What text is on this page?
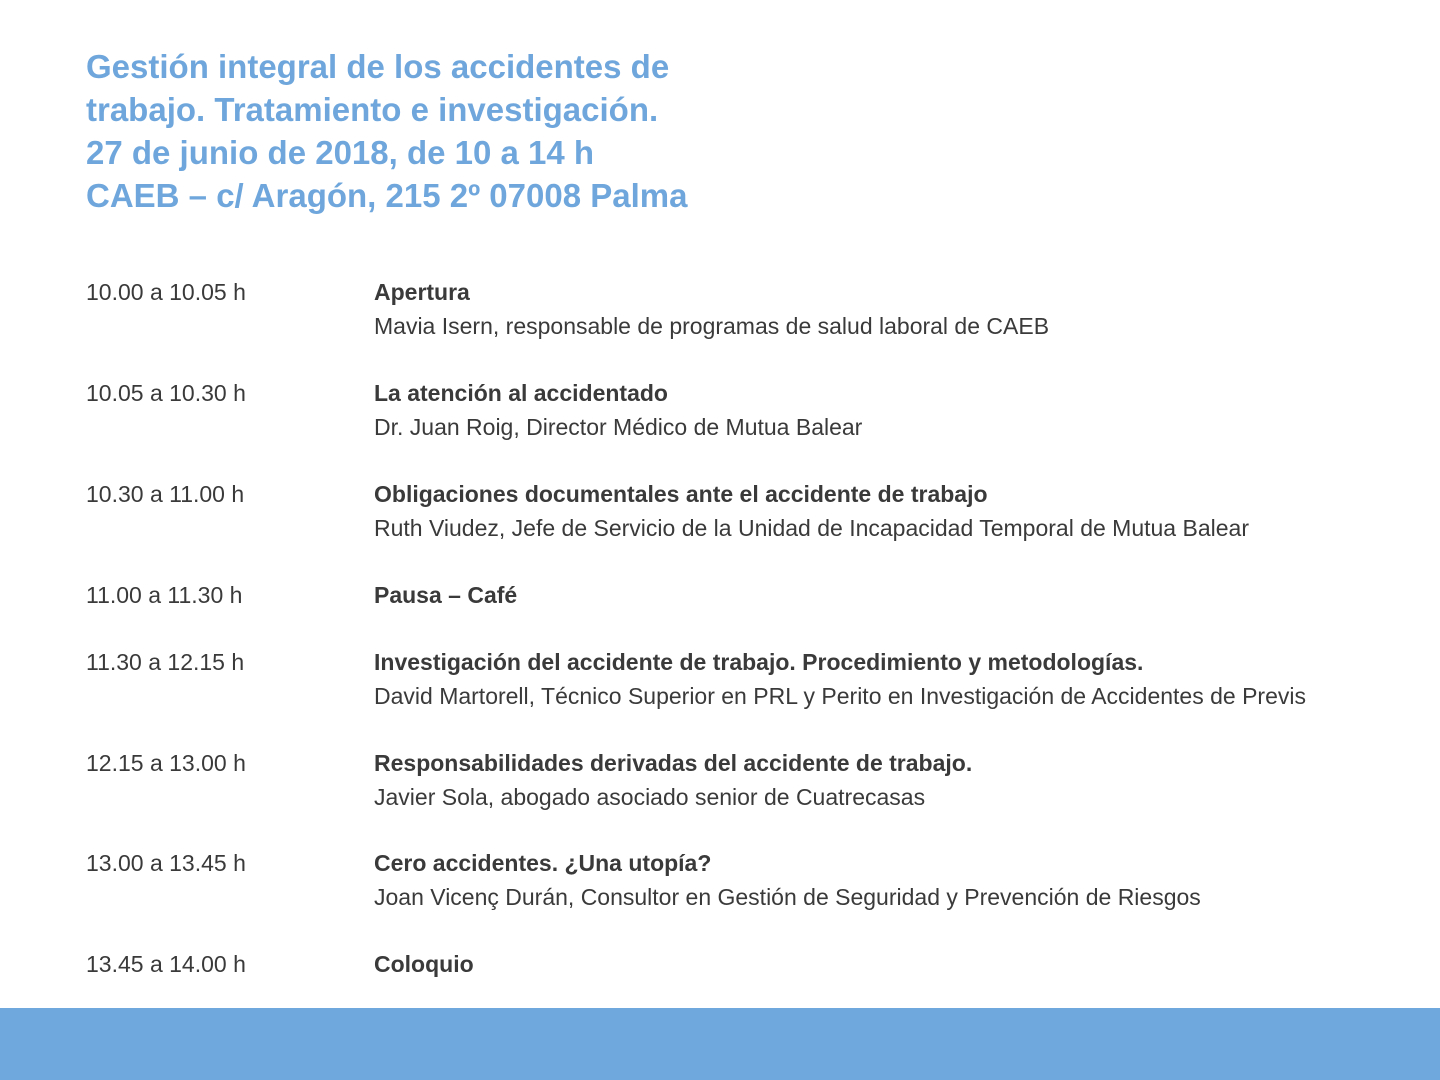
Gestión integral de los accidentes de
trabajo. Tratamiento e investigación.
27 de junio de 2018, de 10 a 14 h
CAEB – c/ Aragón, 215 2º 07008 Palma
10.00 a 10.05 h	Apertura
Mavia Isern, responsable de programas de salud laboral de CAEB
10.05 a 10.30 h	La atención al accidentado
Dr. Juan Roig, Director Médico de Mutua Balear
10.30 a 11.00 h	Obligaciones documentales ante el accidente de trabajo
Ruth Viudez, Jefe de Servicio de la Unidad de Incapacidad Temporal de Mutua Balear
11.00 a 11.30 h	Pausa – Café
11.30 a 12.15 h	Investigación del accidente de trabajo. Procedimiento y metodologías.
David Martorell, Técnico Superior en PRL y Perito en Investigación de Accidentes de Previs
12.15 a 13.00 h	Responsabilidades derivadas del accidente de trabajo.
Javier Sola, abogado asociado senior de Cuatrecasas
13.00 a 13.45 h	Cero accidentes. ¿Una utopía?
Joan Vicenç Durán, Consultor en Gestión de Seguridad y Prevención de Riesgos
13.45 a 14.00 h	Coloquio
